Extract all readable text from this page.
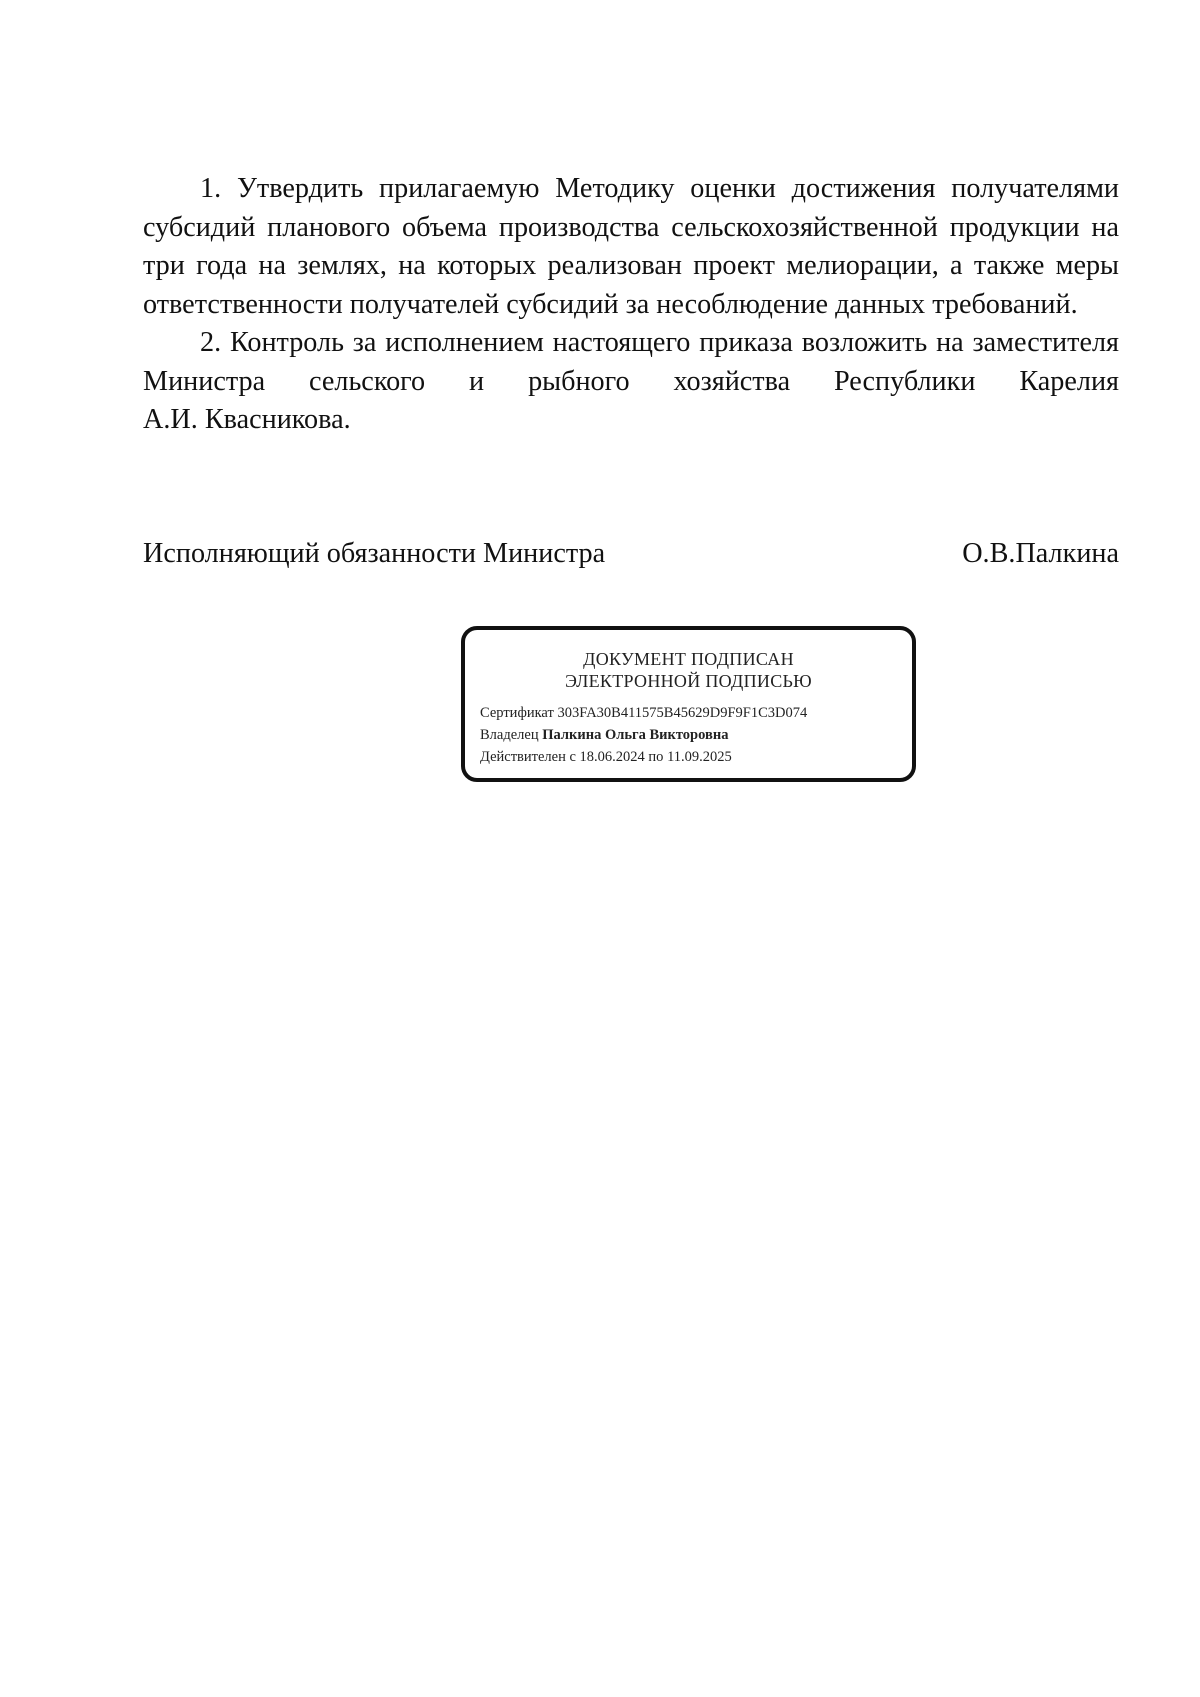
1. Утвердить прилагаемую Методику оценки достижения получателями
субсидий планового объема производства сельскохозяйственной продукции на
три года на землях, на которых реализован проект мелиорации, а также меры
ответственности получателей субсидий за несоблюдение данных требований.

2. Контроль за исполнением настоящего приказа возложить на заместителя
Министра сельского и рыбного хозяйства Республики Карелия
А.И. Квасникова.

Исполняющий обязанности Министра	О.В.Палкина
ДОКУМЕНТ ПОДПИСАН
ЭЛЕКТРОННОЙ ПОДПИСЬЮ
Сертификат 303FA30B411575B45629D9F9F1C3D074
Владелец Палкина Ольга Викторовна
Действителен с 18.06.2024 по 11.09.2025
